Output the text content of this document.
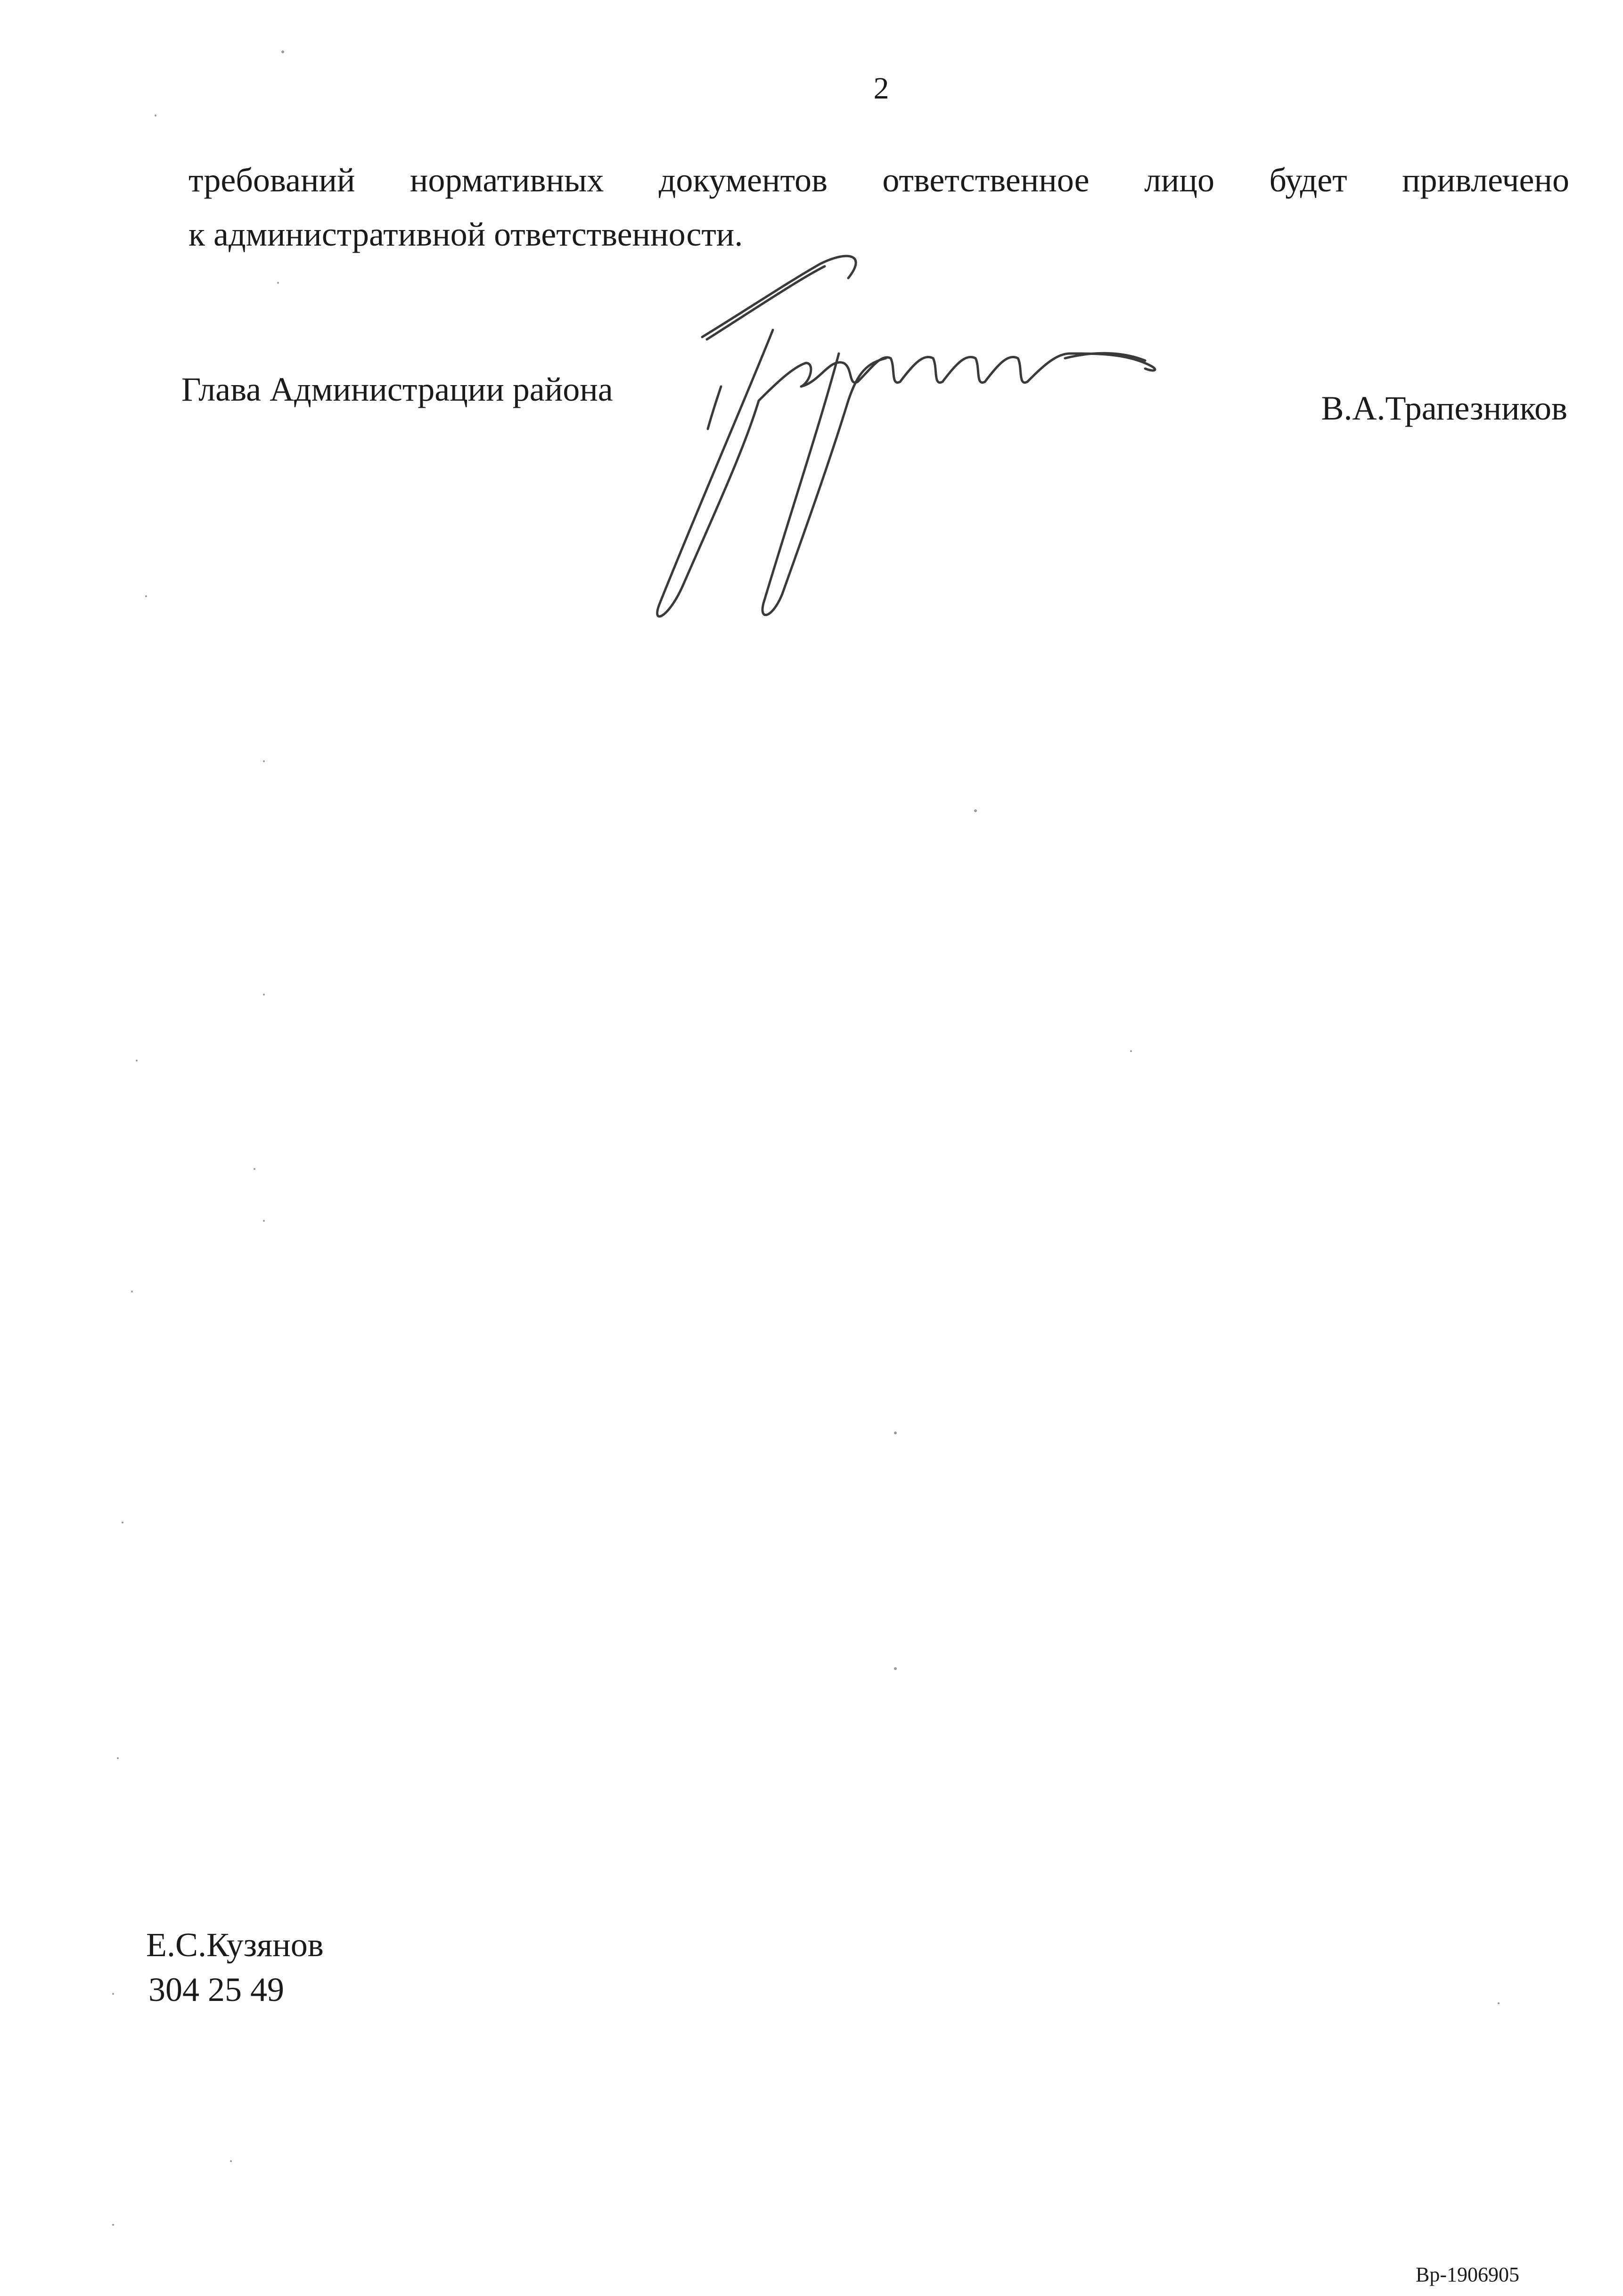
2
требований нормативных документов ответственное лицо будет привлечено
к административной ответственности.
Глава Администрации района	В.А.Трапезников
Е.С.Кузянов
304 25 49
Вр-1906905
